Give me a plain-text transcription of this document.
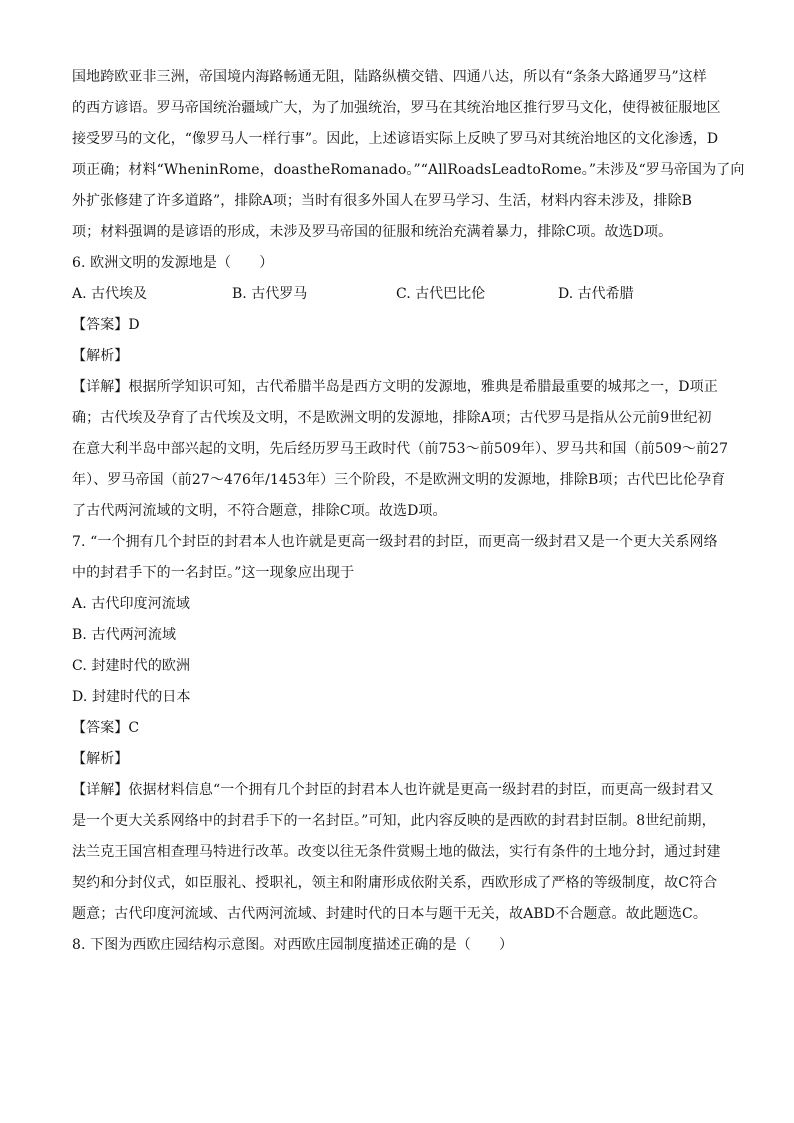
国地跨欧亚非三洲，帝国境内海路畅通无阻，陆路纵横交错、四通八达，所以有“条条大路通罗马”这样

的西方谚语。罗马帝国统治疆域广大，为了加强统治，罗马在其统治地区推行罗马文化，使得被征服地区

接受罗马的文化，“像罗马人一样行事”。因此，上述谚语实际上反映了罗马对其统治地区的文化渗透，D

项正确；材料“WheninRome，doastheRomanado。”“AllRoadsLeadtoRome。”未涉及“罗马帝国为了向

外扩张修建了许多道路”，排除A项；当时有很多外国人在罗马学习、生活，材料内容未涉及，排除B

项；材料强调的是谚语的形成，未涉及罗马帝国的征服和统治充满着暴力，排除C项。故选D项。

6. 欧洲文明的发源地是（　　）

A. 古代埃及	B. 古代罗马	C. 古代巴比伦	D. 古代希腊

【答案】D

【解析】

【详解】根据所学知识可知，古代希腊半岛是西方文明的发源地，雅典是希腊最重要的城邦之一，D项正

确；古代埃及孕育了古代埃及文明，不是欧洲文明的发源地，排除A项；古代罗马是指从公元前9世纪初

在意大利半岛中部兴起的文明，先后经历罗马王政时代（前753～前509年）、罗马共和国（前509～前27

年）、罗马帝国（前27～476年/1453年）三个阶段，不是欧洲文明的发源地，排除B项；古代巴比伦孕育

了古代两河流域的文明，不符合题意，排除C项。故选D项。

7. “一个拥有几个封臣的封君本人也许就是更高一级封君的封臣，而更高一级封君又是一个更大关系网络

中的封君手下的一名封臣。”这一现象应出现于

A. 古代印度河流域

B. 古代两河流域

C. 封建时代的欧洲

D. 封建时代的日本

【答案】C

【解析】

【详解】依据材料信息“一个拥有几个封臣的封君本人也许就是更高一级封君的封臣，而更高一级封君又

是一个更大关系网络中的封君手下的一名封臣。”可知，此内容反映的是西欧的封君封臣制。8世纪前期，

法兰克王国宫相查理马特进行改革。改变以往无条件赏赐土地的做法，实行有条件的土地分封，通过封建

契约和分封仪式，如臣服礼、授职礼，领主和附庸形成依附关系，西欧形成了严格的等级制度，故C符合

题意；古代印度河流域、古代两河流域、封建时代的日本与题干无关，故ABD不合题意。故此题选C。

8. 下图为西欧庄园结构示意图。对西欧庄园制度描述正确的是（　　）
